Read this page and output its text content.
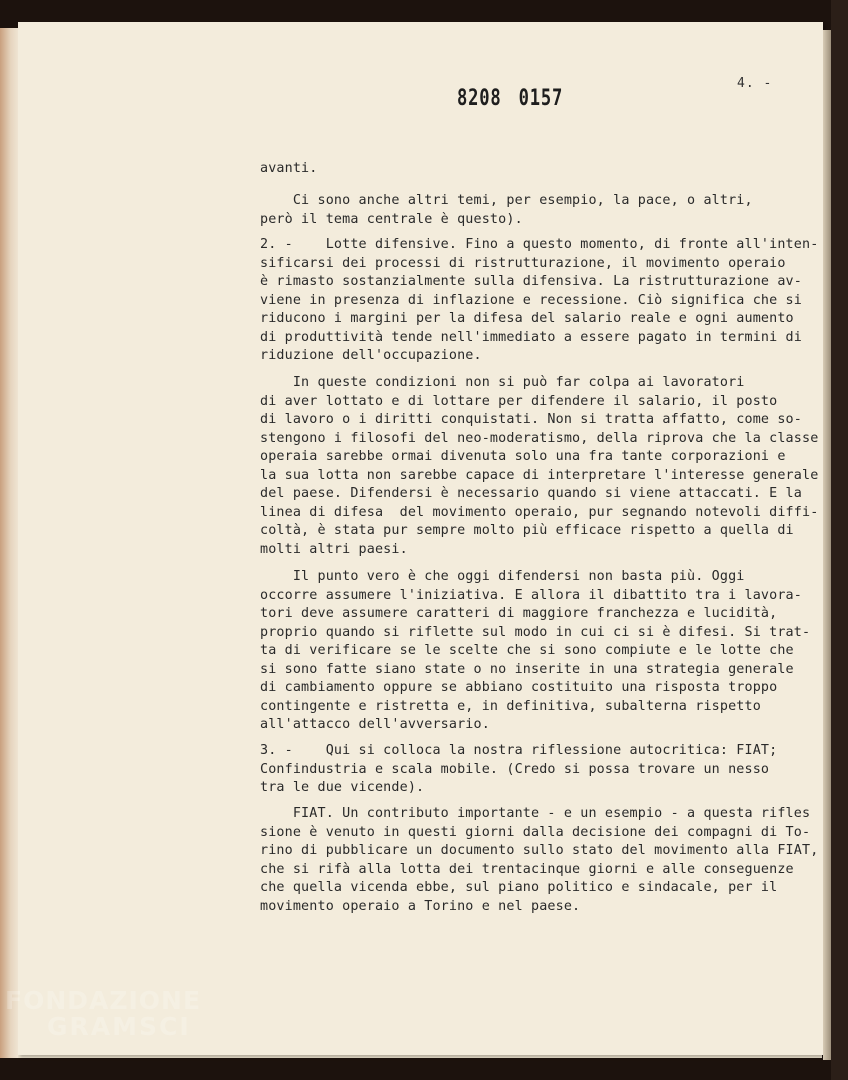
4. -
8208 0157
avanti.
Ci sono anche altri temi, per esempio, la pace, o altri,
però il tema centrale è questo).
2. -    Lotte difensive. Fino a questo momento, di fronte all'inten-
sificarsi dei processi di ristrutturazione, il movimento operaio
è rimasto sostanzialmente sulla difensiva. La ristrutturazione av-
viene in presenza di inflazione e recessione. Ciò significa che si
riducono i margini per la difesa del salario reale e ogni aumento
di produttività tende nell'immediato a essere pagato in termini di
riduzione dell'occupazione.
In queste condizioni non si può far colpa ai lavoratori
di aver lottato e di lottare per difendere il salario, il posto
di lavoro o i diritti conquistati. Non si tratta affatto, come so-
stengono i filosofi del neo-moderatismo, della riprova che la classe
operaia sarebbe ormai divenuta solo una fra tante corporazioni e
la sua lotta non sarebbe capace di interpretare l'interesse generale
del paese. Difendersi è necessario quando si viene attaccati. E la
linea di difesa  del movimento operaio, pur segnando notevoli diffi-
coltà, è stata pur sempre molto più efficace rispetto a quella di
molti altri paesi.
Il punto vero è che oggi difendersi non basta più. Oggi
occorre assumere l'iniziativa. E allora il dibattito tra i lavora-
tori deve assumere caratteri di maggiore franchezza e lucidità,
proprio quando si riflette sul modo in cui ci si è difesi. Si trat-
ta di verificare se le scelte che si sono compiute e le lotte che
si sono fatte siano state o no inserite in una strategia generale
di cambiamento oppure se abbiano costituito una risposta troppo
contingente e ristretta e, in definitiva, subalterna rispetto
all'attacco dell'avversario.
3. -    Qui si colloca la nostra riflessione autocritica: FIAT;
Confindustria e scala mobile. (Credo si possa trovare un nesso
tra le due vicende).
FIAT. Un contributo importante - e un esempio - a questa rifles
sione è venuto in questi giorni dalla decisione dei compagni di To-
rino di pubblicare un documento sullo stato del movimento alla FIAT,
che si rifà alla lotta dei trentacinque giorni e alle conseguenze
che quella vicenda ebbe, sul piano politico e sindacale, per il
movimento operaio a Torino e nel paese.
FONDAZIONE
GRAMSCI
